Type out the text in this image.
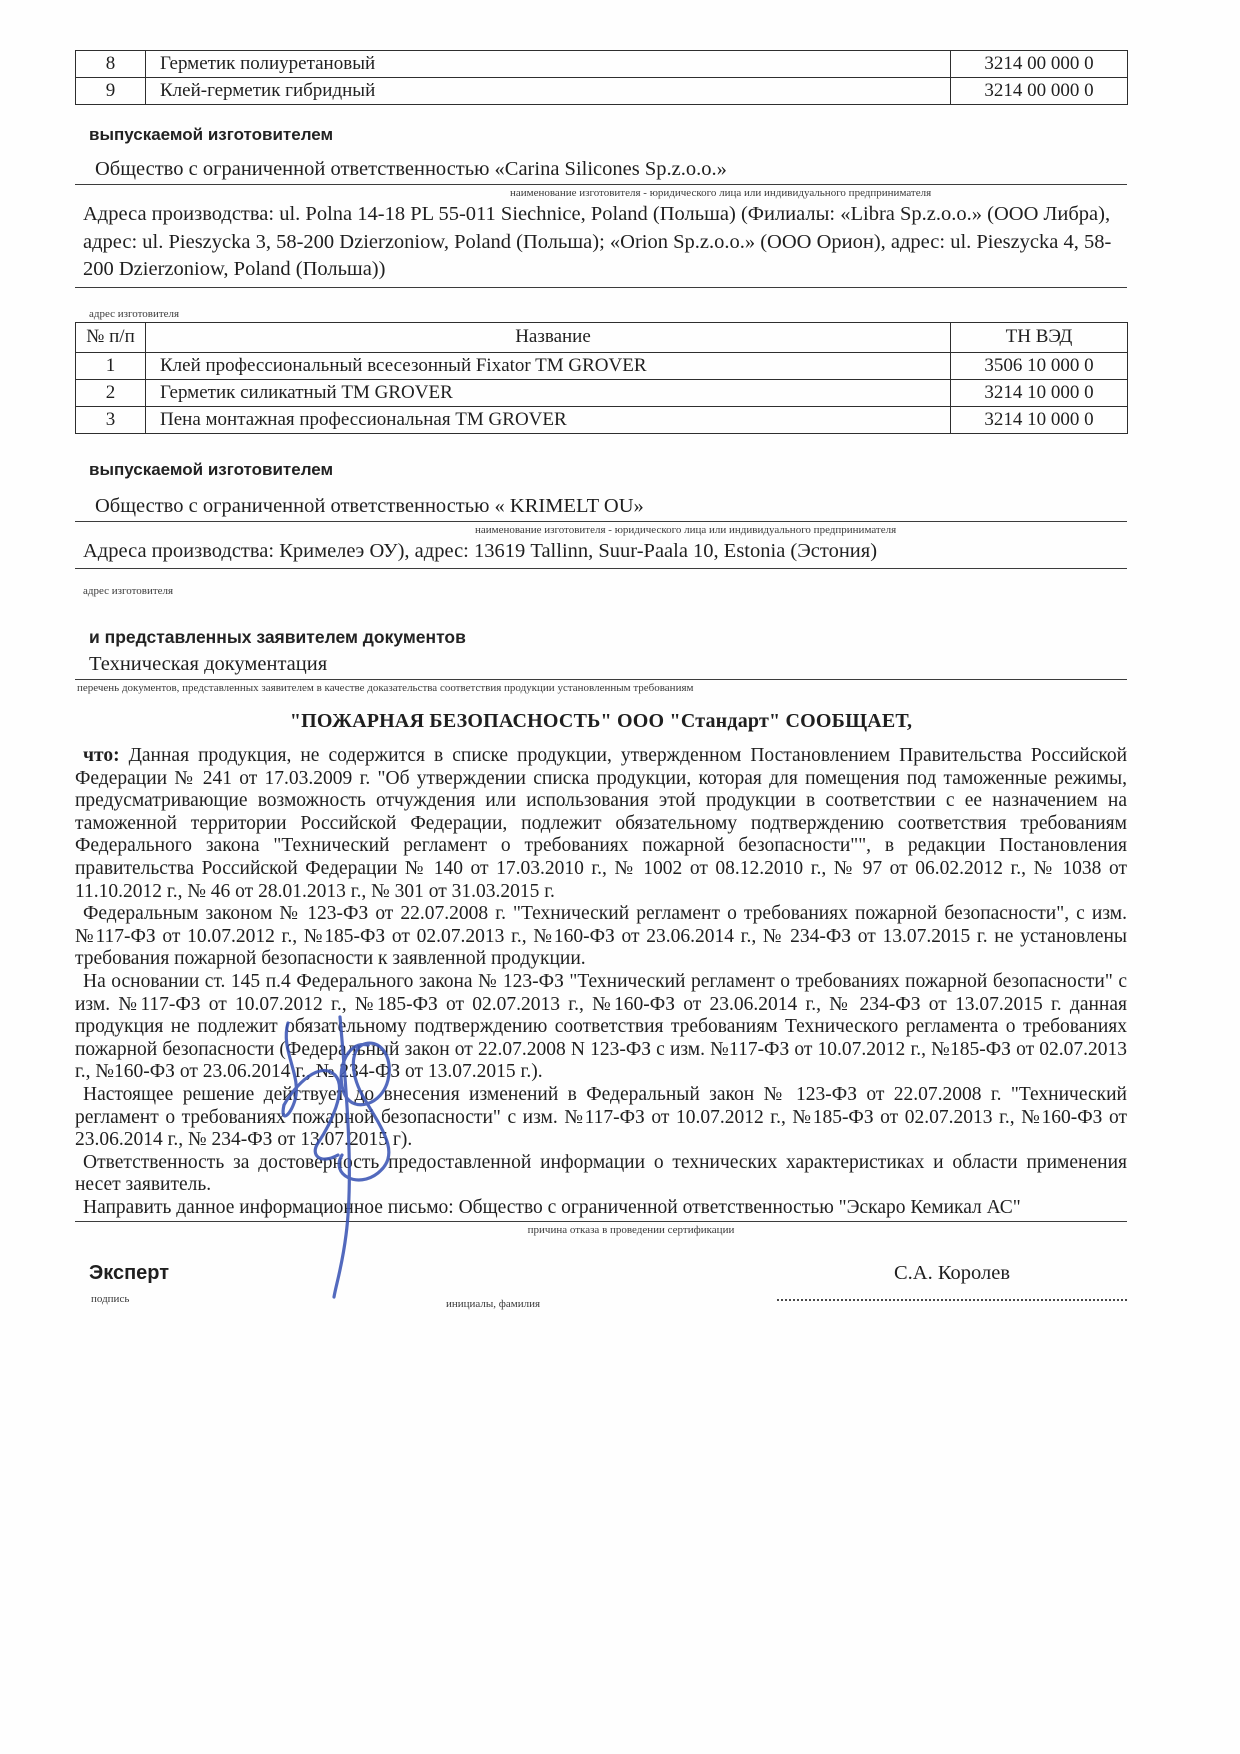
8	Герметик полиуретановый	3214 00 000 0
9	Клей-герметик гибридный	3214 00 000 0

выпускаемой изготовителем

Общество с ограниченной ответственностью «Carina Silicones Sp.z.o.o.»
наименование изготовителя - юридического лица или индивидуального предпринимателя
Адреса производства: ul. Polna 14-18 PL 55-011 Siechnice, Poland (Польша) (Филиалы: «Libra Sp.z.o.o.» (ООО Либра), адрес: ul. Pieszycka 3, 58-200 Dzierzoniow, Poland (Польша); «Orion Sp.z.o.o.» (ООО Орион), адрес: ul. Pieszycka 4, 58-200 Dzierzoniow, Poland (Польша))
адрес изготовителя
№ п/п	Название	ТН ВЭД
1	Клей профессиональный всесезонный Fixator TM GROVER	3506 10 000 0
2	Герметик силикатный TM GROVER	3214 10 000 0
3	Пена монтажная профессиональная TM GROVER	3214 10 000 0

выпускаемой изготовителем

Общество с ограниченной ответственностью « KRIMELT OU»
наименование изготовителя - юридического лица или индивидуального предпринимателя
Адреса производства: Кримелеэ ОУ), адрес: 13619 Tallinn, Suur-Paala 10, Estonia (Эстония)
адрес изготовителя

и представленных заявителем документов

Техническая документация
перечень документов, представленных заявителем в качестве доказательства соответствия продукции установленным требованиям

"ПОЖАРНАЯ БЕЗОПАСНОСТЬ" ООО "Стандарт" СООБЩАЕТ,

что: Данная продукция, не содержится в списке продукции, утвержденном Постановлением Правительства Российской Федерации № 241 от 17.03.2009 г. "Об утверждении списка продукции, которая для помещения под таможенные режимы, предусматривающие возможность отчуждения или использования этой продукции в соответствии с ее назначением на таможенной территории Российской Федерации, подлежит обязательному подтверждению соответствия требованиям Федерального закона "Технический регламент о требованиях пожарной безопасности"", в редакции Постановления правительства Российской Федерации № 140 от 17.03.2010 г., № 1002 от 08.12.2010 г., № 97 от 06.02.2012 г., № 1038 от 11.10.2012 г., № 46 от 28.01.2013 г., № 301 от 31.03.2015 г.

Федеральным законом № 123-ФЗ от 22.07.2008 г. "Технический регламент о требованиях пожарной безопасности", с изм. №117-ФЗ от 10.07.2012 г., №185-ФЗ от 02.07.2013 г., №160-ФЗ от 23.06.2014 г., № 234-ФЗ от 13.07.2015 г. не установлены требования пожарной безопасности к заявленной продукции.

На основании ст. 145 п.4 Федерального закона № 123-ФЗ "Технический регламент о требованиях пожарной безопасности" с изм. №117-ФЗ от 10.07.2012 г., №185-ФЗ от 02.07.2013 г., №160-ФЗ от 23.06.2014 г., № 234-ФЗ от 13.07.2015 г. данная продукция не подлежит обязательному подтверждению соответствия требованиям Технического регламента о требованиях пожарной безопасности (Федеральный закон от 22.07.2008 N 123-ФЗ с изм. №117-ФЗ от 10.07.2012 г., №185-ФЗ от 02.07.2013 г., №160-ФЗ от 23.06.2014 г., № 234-ФЗ от 13.07.2015 г.).

Настоящее решение действует до внесения изменений в Федеральный закон № 123-ФЗ от 22.07.2008 г. "Технический регламент о требованиях пожарной безопасности" с изм. №117-ФЗ от 10.07.2012 г., №185-ФЗ от 02.07.2013 г., №160-ФЗ от 23.06.2014 г., № 234-ФЗ от 13.07.2015 г).

Ответственность за достоверность предоставленной информации о технических характеристиках и области применения несет заявитель.

Направить данное информационное письмо: Общество с ограниченной ответственностью "Эскаро Кемикал АС"

причина отказа в проведении сертификации

Эксперт

подпись	инициалы, фамилия

С.А. Королев
